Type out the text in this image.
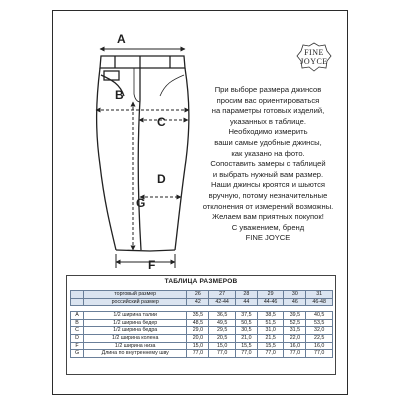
A
B
C
D
G
F
FINE
JOYCE
При выборе размера джинсов
просим вас ориентироваться
на параметры готовых изделий,
указанных в таблице.
Необходимо измерить
ваши самые удобные джинсы,
как указано на фото.
Сопоставить замеры с таблицей
и выбрать нужный вам размер.
Наши джинсы кроятся и шьются
вручную, потому незначительные
отклонения от измерений возможны.
Желаем вам приятных покупок!
С уважением, бренд
FINE JOYCE
ТАБЛИЦА РАЗМЕРОВ
	торговый размер	26	27	28	29	30	31
	российский размер	42	42-44	44	44-46	46	46-48

A	1/2 ширина талии	35,5	36,5	37,5	38,5	39,5	40,5
B	1/2 ширина бедер	48,5	49,5	50,5	51,5	52,5	53,5
C	1/2 ширина бедра	29,0	29,5	30,5	31,0	31,5	32,0
D	1/2 ширина колена	20,0	20,5	21,0	21,5	22,0	22,5
F	1/2 ширина низа	15,0	15,0	15,5	15,5	16,0	16,0
G	Длина по внутреннему шву	77,0	77,0	77,0	77,0	77,0	77,0
